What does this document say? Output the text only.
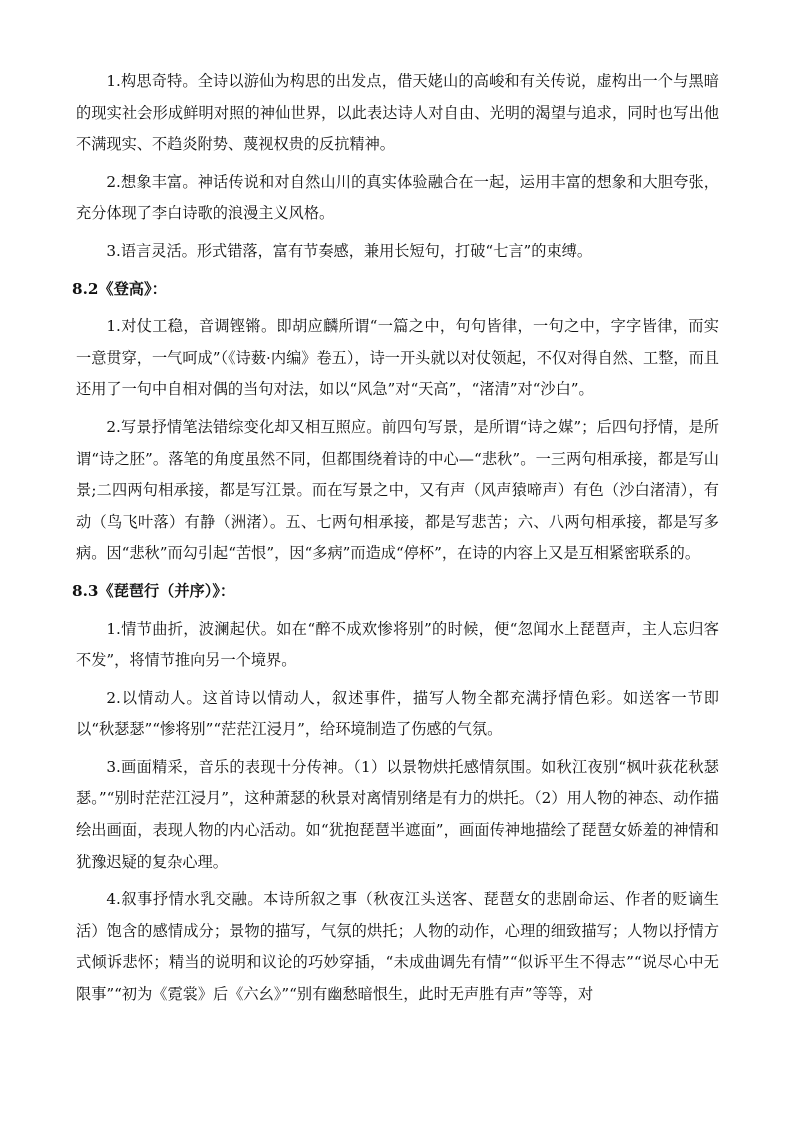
1.构思奇特。全诗以游仙为构思的出发点，借天姥山的高峻和有关传说，虚构出一个与黑暗的现实社会形成鲜明对照的神仙世界，以此表达诗人对自由、光明的渴望与追求，同时也写出他不满现实、不趋炎附势、蔑视权贵的反抗精神。

2.想象丰富。神话传说和对自然山川的真实体验融合在一起，运用丰富的想象和大胆夸张，充分体现了李白诗歌的浪漫主义风格。

3.语言灵活。形式错落，富有节奏感，兼用长短句，打破“七言”的束缚。

8.2《登高》：

1.对仗工稳，音调铿锵。即胡应麟所谓“一篇之中，句句皆律，一句之中，字字皆律，而实一意贯穿，一气呵成”（《诗薮·内编》卷五），诗一开头就以对仗领起，不仅对得自然、工整，而且还用了一句中自相对偶的当句对法，如以“风急”对“天高”，“渚清”对“沙白”。

2.写景抒情笔法错综变化却又相互照应。前四句写景，是所谓“诗之媒”；后四句抒情，是所谓“诗之胚”。落笔的角度虽然不同，但都围绕着诗的中心—“悲秋”。一三两句相承接，都是写山景;二四两句相承接，都是写江景。而在写景之中，又有声（风声猿啼声）有色（沙白渚清），有动（鸟飞叶落）有静（洲渚）。五、七两句相承接，都是写悲苦；六、八两句相承接，都是写多病。因“悲秋”而勾引起“苦恨”，因“多病”而造成“停杯”，在诗的内容上又是互相紧密联系的。

8.3《琵琶行（并序）》：

1.情节曲折，波澜起伏。如在“醉不成欢惨将别”的时候，便“忽闻水上琵琶声，主人忘归客不发”，将情节推向另一个境界。

2.以情动人。这首诗以情动人，叙述事件，描写人物全都充满抒情色彩。如送客一节即以“秋瑟瑟”“惨将别”“茫茫江浸月”，给环境制造了伤感的气氛。

3.画面精采，音乐的表现十分传神。（1）以景物烘托感情氛围。如秋江夜别“枫叶荻花秋瑟瑟。”“别时茫茫江浸月”，这种萧瑟的秋景对离情别绪是有力的烘托。（2）用人物的神态、动作描绘出画面，表现人物的内心活动。如“犹抱琵琶半遮面”，画面传神地描绘了琵琶女娇羞的神情和犹豫迟疑的复杂心理。

4.叙事抒情水乳交融。本诗所叙之事（秋夜江头送客、琵琶女的悲剧命运、作者的贬谪生活）饱含的感情成分；景物的描写，气氛的烘托；人物的动作，心理的细致描写；人物以抒情方式倾诉悲怀；精当的说明和议论的巧妙穿插，“未成曲调先有情”“似诉平生不得志”“说尽心中无限事”“初为《霓裳》后《六幺》”“别有幽愁暗恨生，此时无声胜有声”等等，对
